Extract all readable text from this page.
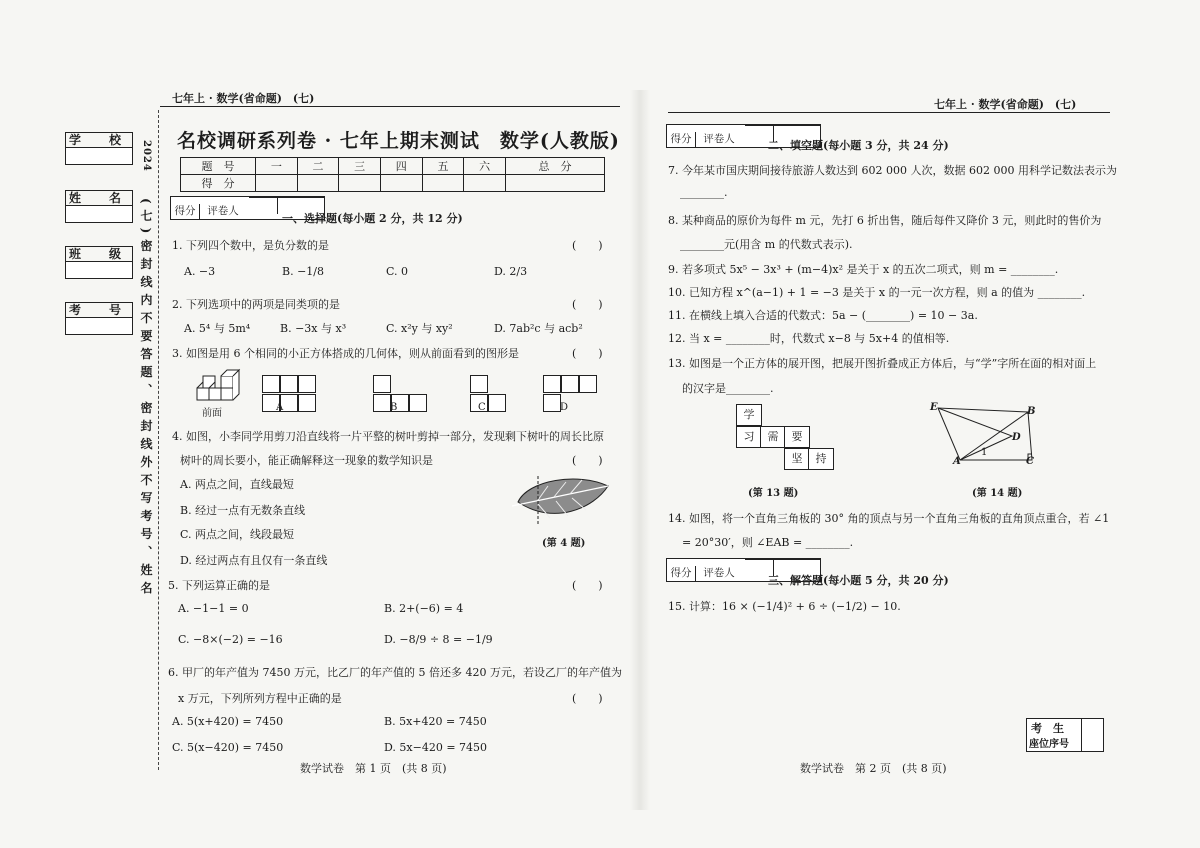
七年上 · 数学(省命题)　(七)
学　校
姓　名
班　级
考　号
2024
(七)密封线内不要答题、密封线外不写考号、姓名
名校调研系列卷 · 七年上期末测试　数学(人教版)
题　号	一	二	三	四	五	六	总　分
得　分							
得分 评卷人
一、选择题(每小题 2 分，共 12 分)
1. 下列四个数中，是负分数的是	(　　)
A. −3	B. −1/8	C. 0	D. 2/3
2. 下列选项中的两项是同类项的是	(　　)
A. 5⁴ 与 5m⁴	B. −3x 与 x³	C. x²y 与 xy²	D. 7ab²c 与 acb²
3. 如图是用 6 个相同的小正方体搭成的几何体，则从前面看到的图形是	(　　)
前面

A	B	C	D
4. 如图，小李同学用剪刀沿直线将一片平整的树叶剪掉一部分，发现剩下树叶的周长比原
树叶的周长要小，能正确解释这一现象的数学知识是	(　　)
A. 两点之间，直线最短
B. 经过一点有无数条直线
C. 两点之间，线段最短
D. 经过两点有且仅有一条直线
(第 4 题)
5. 下列运算正确的是	(　　)
A. −1−1 = 0	B. 2+(−6) = 4
C. −8×(−2) = −16	D. −8/9 ÷ 8 = −1/9
6. 甲厂的年产值为 7450 万元，比乙厂的年产值的 5 倍还多 420 万元，若设乙厂的年产值为
x 万元，下列所列方程中正确的是	(　　)
A. 5(x+420) = 7450	B. 5x+420 = 7450
C. 5(x−420) = 7450	D. 5x−420 = 7450
数学试卷　第 1 页　(共 8 页)
七年上 · 数学(省命题)　(七)
得分 评卷人	二、填空题(每小题 3 分，共 24 分)
7. 今年某市国庆期间接待旅游人数达到 602 000 人次，数据 602 000 用科学记数法表示为
________.
8. 某种商品的原价为每件 m 元，先打 6 折出售，随后每件又降价 3 元，则此时的售价为
________元(用含 m 的代数式表示).
9. 若多项式 5x⁵ − 3x³ + (m−4)x² 是关于 x 的五次二项式，则 m = ________.
10. 已知方程 x^(a−1) + 1 = −3 是关于 x 的一元一次方程，则 a 的值为 ________.
11. 在横线上填入合适的代数式：5a − (________) = 10 − 3a.
12. 当 x = ________时，代数式 x−8 与 5x+4 的值相等.
13. 如图是一个正方体的展开图，把展开图折叠成正方体后，与“学”字所在面的相对面上
的汉字是________.
学
习	需	要
坚	持
(第 13 题)
E	B
D
A	C
1
(第 14 题)
14. 如图，将一个直角三角板的 30° 角的顶点与另一个直角三角板的直角顶点重合，若 ∠1
= 20°30′，则 ∠EAB = ________.
得分 评卷人
三、解答题(每小题 5 分，共 20 分)
15. 计算：16 × (−1/4)² + 6 ÷ (−1/2) − 10.
考　生
座位序号
数学试卷　第 2 页　(共 8 页)
